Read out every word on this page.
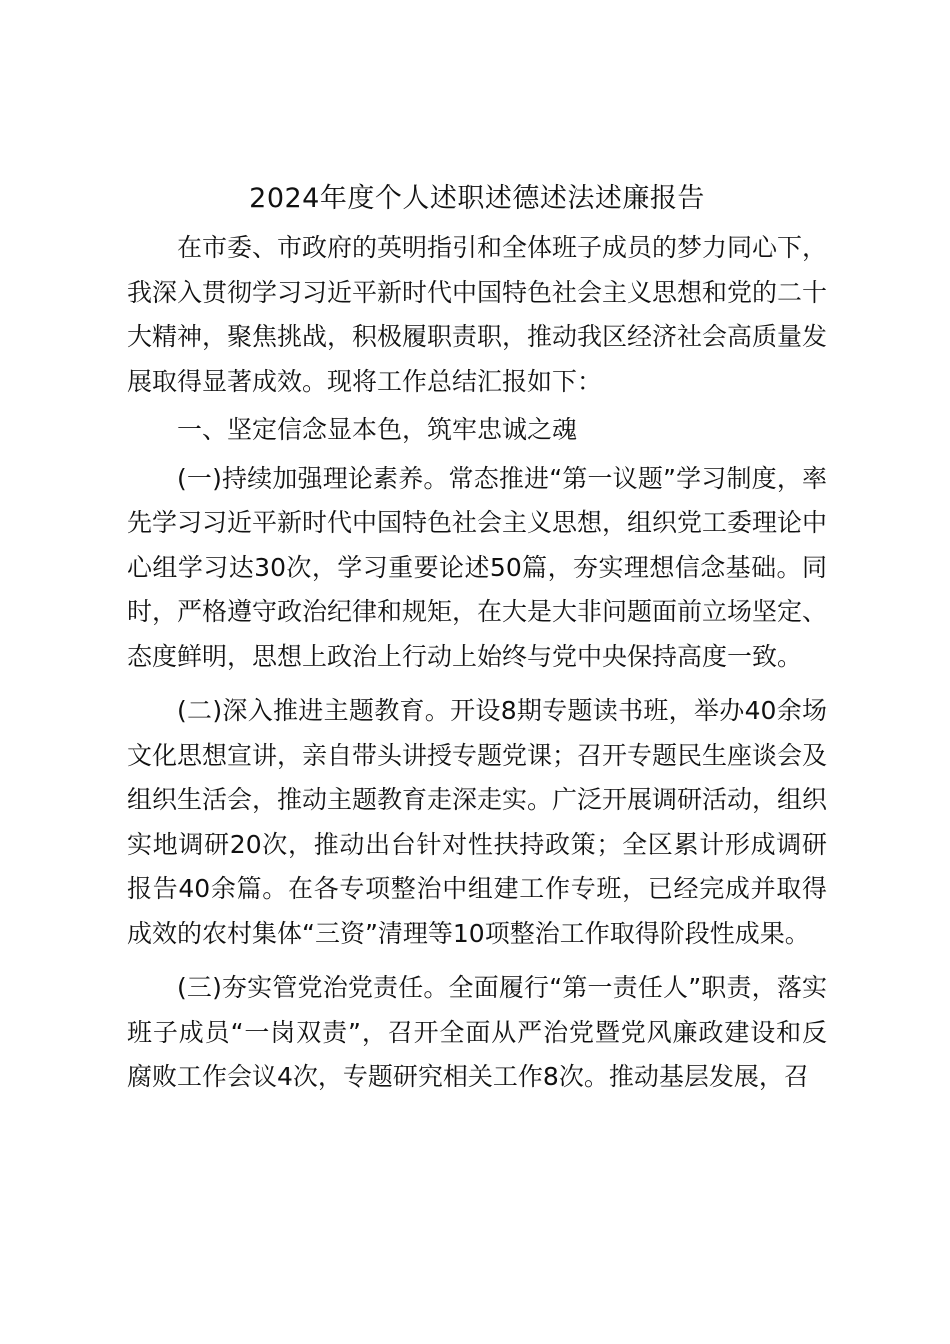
2024年度个人述职述德述法述廉报告

在市委、市政府的英明指引和全体班子成员的梦力同心下，我深入贯彻学习习近平新时代中国特色社会主义思想和党的二十大精神，聚焦挑战，积极履职责职，推动我区经济社会高质量发展取得显著成效。现将工作总结汇报如下：

一、坚定信念显本色，筑牢忠诚之魂

(一)持续加强理论素养。常态推进“第一议题”学习制度，率先学习习近平新时代中国特色社会主义思想，组织党工委理论中心组学习达30次，学习重要论述50篇，夯实理想信念基础。同时，严格遵守政治纪律和规矩，在大是大非问题面前立场坚定、态度鲜明，思想上政治上行动上始终与党中央保持高度一致。

(二)深入推进主题教育。开设8期专题读书班，举办40余场文化思想宣讲，亲自带头讲授专题党课；召开专题民生座谈会及组织生活会，推动主题教育走深走实。广泛开展调研活动，组织实地调研20次，推动出台针对性扶持政策；全区累计形成调研报告40余篇。在各专项整治中组建工作专班，已经完成并取得成效的农村集体“三资”清理等10项整治工作取得阶段性成果。

(三)夯实管党治党责任。全面履行“第一责任人”职责，落实班子成员“一岗双责”，召开全面从严治党暨党风廉政建设和反腐败工作会议4次，专题研究相关工作8次。推动基层发展，召
